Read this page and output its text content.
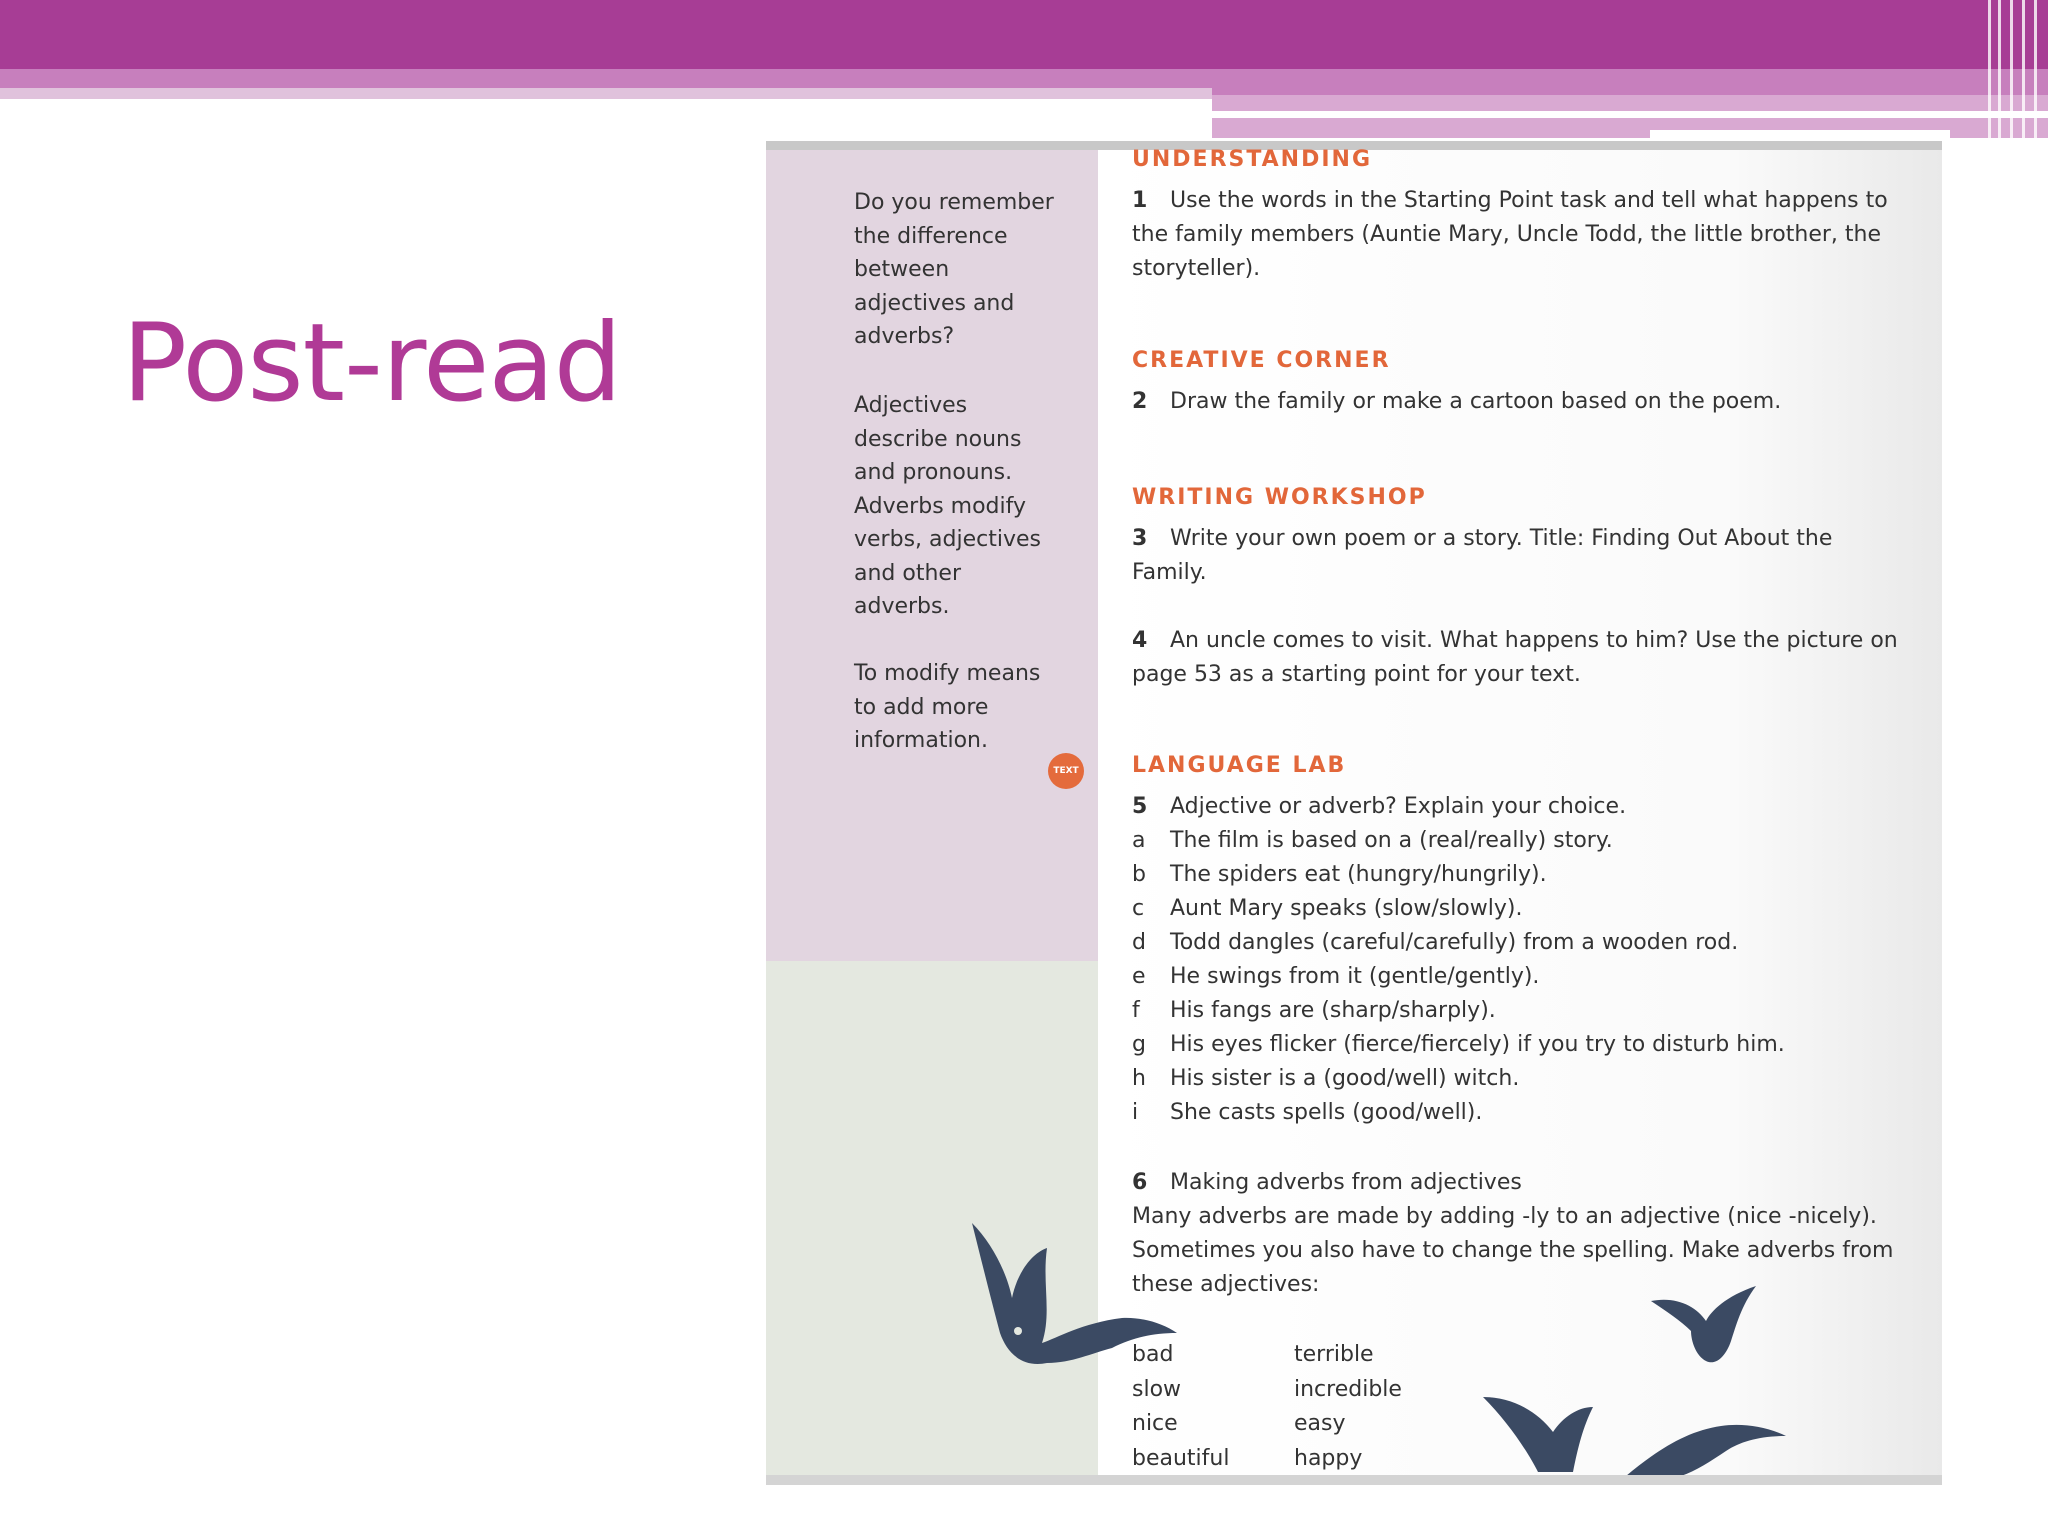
Post-read

Do you remember
the difference
between
adjectives and
adverbs?

Adjectives
describe nouns
and pronouns.
Adverbs modify
verbs, adjectives
and other
adverbs.

To modify means
to add more
information.

TEXT
UNDERSTANDING
1 Use the words in the Starting Point task and tell what happens to the family members (Auntie Mary, Uncle Todd, the little brother, the storyteller).
CREATIVE CORNER
2 Draw the family or make a cartoon based on the poem.
WRITING WORKSHOP
3 Write your own poem or a story. Title: Finding Out About the Family.
4 An uncle comes to visit. What happens to him? Use the picture on page 53 as a starting point for your text.
LANGUAGE LAB
5 Adjective or adverb? Explain your choice.
a The film is based on a (real/really) story.
b The spiders eat (hungry/hungrily).
c Aunt Mary speaks (slow/slowly).
d Todd dangles (careful/carefully) from a wooden rod.
e He swings from it (gentle/gently).
f His fangs are (sharp/sharply).
g His eyes flicker (fierce/fiercely) if you try to disturb him.
h His sister is a (good/well) witch.
i She casts spells (good/well).
6 Making adverbs from adjectives
Many adverbs are made by adding -ly to an adjective (nice -nicely). Sometimes you also have to change the spelling. Make adverbs from these adjectives:
bad
slow
nice
beautiful
terrible
incredible
easy
happy
